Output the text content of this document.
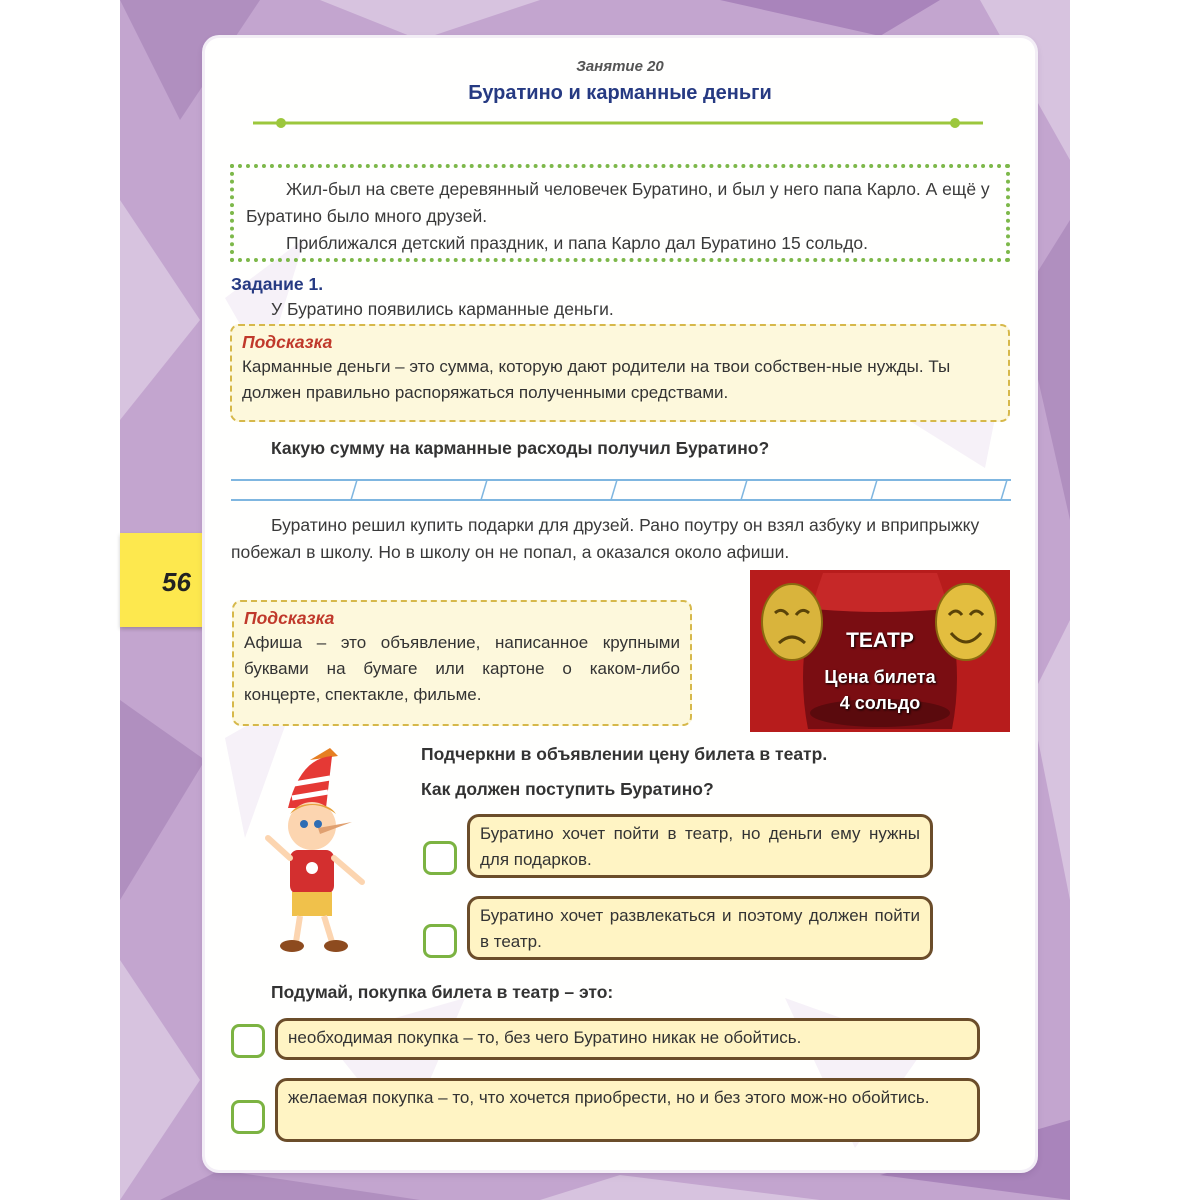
56
Занятие 20
Буратино и карманные деньги

Жил-был на свете деревянный человечек Буратино, и был у него папа Карло. А ещё у Буратино было много друзей.

Приближался детский праздник, и папа Карло дал Буратино 15 сольдо.

Задание 1.
У Буратино появились карманные деньги.
Подсказка
Карманные деньги – это сумма, которую дают родители на твои собствен-ные нужды. Ты должен правильно распоряжаться полученными средствами.
Какую сумму на карманные расходы получил Буратино?
Буратино решил купить подарки для друзей. Рано поутру он взял азбуку и вприпрыжку побежал в школу. Но в школу он не попал, а оказался около афиши.
Подсказка
Афиша – это объявление, написанное крупными буквами на бумаге или картоне о каком-либо концерте, спектакле, фильме.
ТЕАТР
Цена билета
4 сольдо
Подчеркни в объявлении цену билета в театр.
Как должен поступить Буратино?
Буратино хочет пойти в театр, но деньги ему нужны для подарков.
Буратино хочет развлекаться и поэтому должен пойти в театр.
Подумай, покупка билета в театр – это:
необходимая покупка – то, без чего Буратино никак не обойтись.
желаемая покупка – то, что хочется приобрести, но и без этого мож-но обойтись.
